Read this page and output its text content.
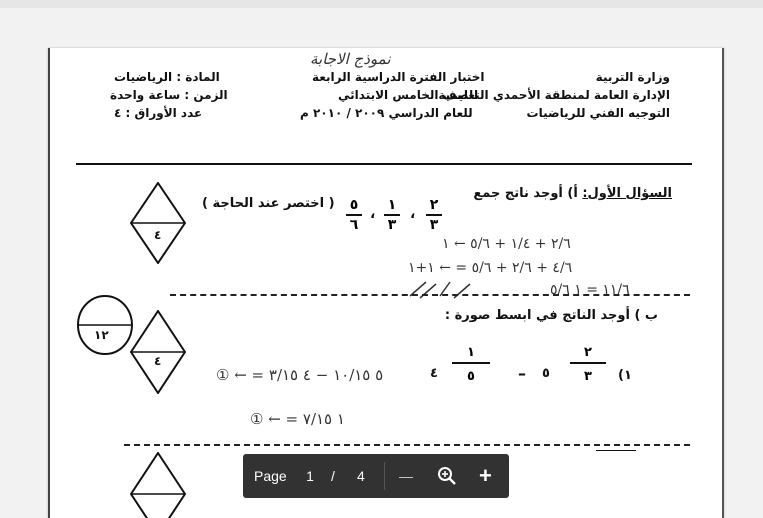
نموذج الاجابة
وزارة التربية
الإدارة العامة لمنطقة الأحمدي التعليمية
التوجيه الفني للرياضيات
اختبار الفترة الدراسية الرابعة
للصف الخامس الابتدائي
للعام الدراسي ٢٠٠٩ / ٢٠١٠ م
المادة : الرياضيات
الزمن : ساعة واحدة
عدد الأوراق : ٤
السؤال الأول: أ) أوجد ناتج جمع
٢
٣
،
١
٣
،
٥
٦
( اختصر عند الحاجة )
٤
١٢
٤
٢/٦ + ١/٤ + ٥/٦ ← ١
٤/٦ + ٢/٦ + ٥/٦ = ← ١+١
١١/٦ = ١ ٥/٦
ب ) أوجد الناتج في ابسط صورة :
١)
٢
٣
٥
–
١
٥
٤
٥ ١٠/١٥ − ٤ ٣/١٥ = ← ①
١ ٧/١٥ = ← ①
Page 1 / 4 —	+
